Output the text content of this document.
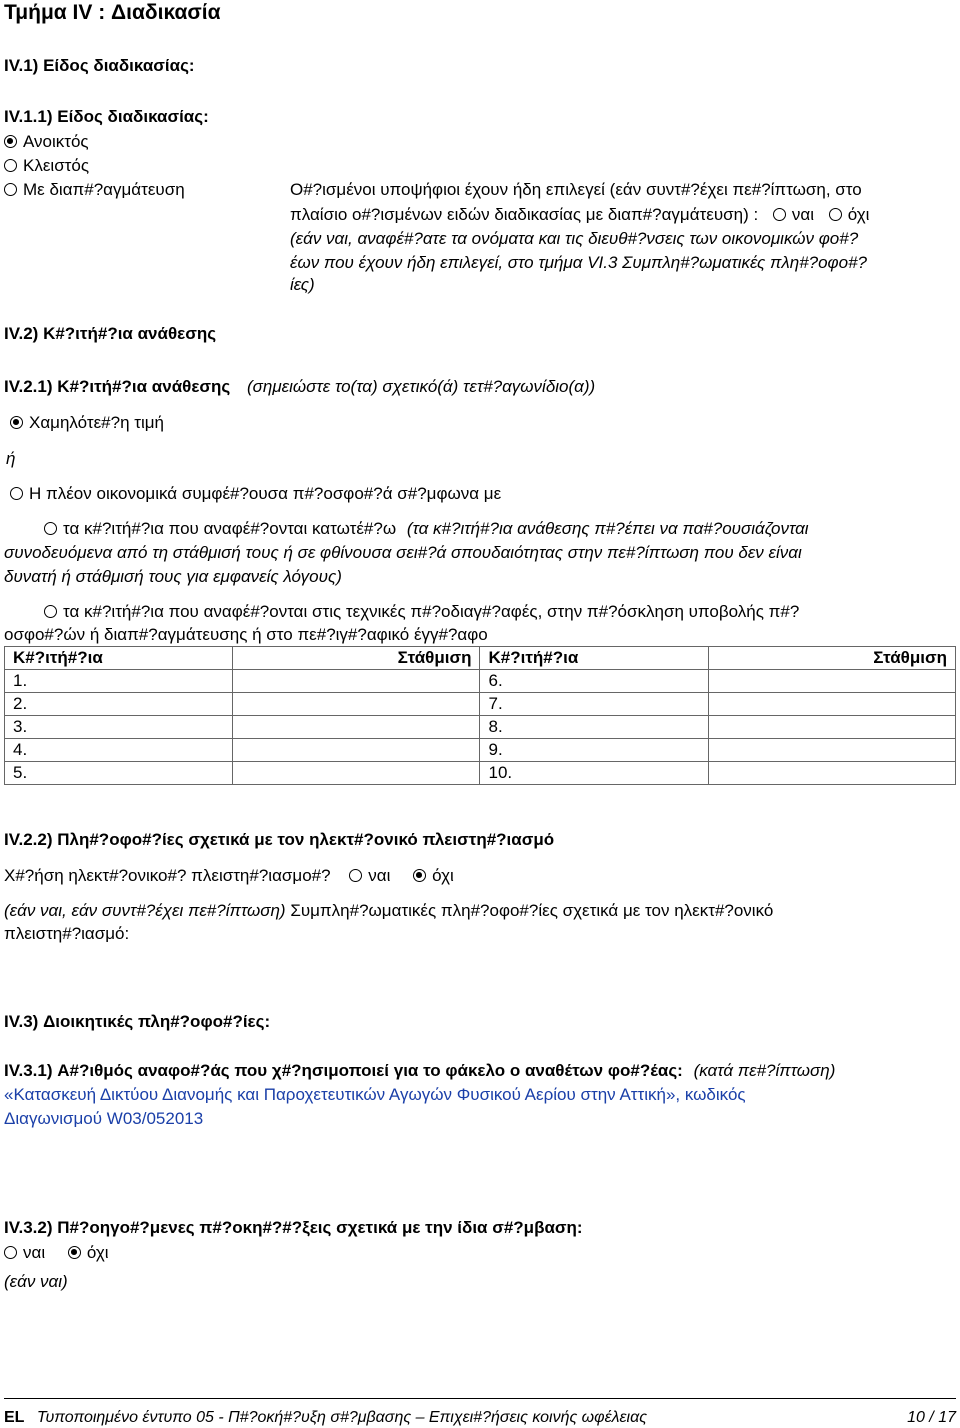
Τμήμα IV : Διαδικασία
IV.1) Είδος διαδικασίας:
IV.1.1) Είδος διαδικασίας:
Ανοικτός
Κλειστός
Με διαπ#?αγμάτευση	Ο#?ισμένοι υποψήφιοι έχουν ήδη επιλεγεί (εάν συντ#?έχει πε#?ίπτωση, στο
πλαίσιο ο#?ισμένων ειδών διαδικασίας με διαπ#?αγμάτευση) : ναι όχι
(εάν ναι, αναφέ#?ατε τα ονόματα και τις διευθ#?νσεις των οικονομικών φο#?
έων που έχουν ήδη επιλεγεί, στο τμήμα VI.3 Συμπλη#?ωματικές πλη#?οφο#?
ίες)
IV.2) Κ#?ιτή#?ια ανάθεσης
IV.2.1) Κ#?ιτή#?ια ανάθεσης (σημειώστε το(τα) σχετικό(ά) τετ#?αγωνίδιο(α))
Χαμηλότε#?η τιμή
ή
Η πλέον οικονομικά συμφέ#?ουσα π#?οσφο#?ά σ#?μφωνα με
τα κ#?ιτή#?ια που αναφέ#?ονται κατωτέ#?ω (τα κ#?ιτή#?ια ανάθεσης π#?έπει να πα#?ουσιάζονται
συνοδευόμενα από τη στάθμισή τους ή σε φθίνουσα σει#?ά σπουδαιότητας στην πε#?ίπτωση που δεν είναι
δυνατή ή στάθμισή τους για εμφανείς λόγους)
τα κ#?ιτή#?ια που αναφέ#?ονται στις τεχνικές π#?οδιαγ#?αφές, στην π#?όσκληση υποβολής π#?
οσφο#?ών ή διαπ#?αγμάτευσης ή στο πε#?ιγ#?αφικό έγγ#?αφο
Κ#?ιτή#?ια	Στάθμιση	Κ#?ιτή#?ια	Στάθμιση
1.		6.	
2.		7.	
3.		8.	
4.		9.	
5.		10.	
IV.2.2) Πλη#?οφο#?ίες σχετικά με τον ηλεκτ#?ονικό πλειστη#?ιασμό
Χ#?ήση ηλεκτ#?ονικο#? πλειστη#?ιασμο#? ναι όχι
(εάν ναι, εάν συντ#?έχει πε#?ίπτωση) Συμπλη#?ωματικές πλη#?οφο#?ίες σχετικά με τον ηλεκτ#?ονικό
πλειστη#?ιασμό:
IV.3) Διοικητικές πλη#?οφο#?ίες:
IV.3.1) Α#?ιθμός αναφο#?άς που χ#?ησιμοποιεί για το φάκελο ο αναθέτων φο#?έας: (κατά πε#?ίπτωση)
«Κατασκευή Δικτύου Διανομής και Παροχετευτικών Αγωγών Φυσικού Αερίου στην Αττική», κωδικός
Διαγωνισμού W03/052013
IV.3.2) Π#?οηγο#?μενες π#?οκη#?#?ξεις σχετικά με την ίδια σ#?μβαση:
ναι όχι
(εάν ναι)
EL Τυποποιημένο έντυπο 05 - Π#?οκή#?υξη σ#?μβασης – Επιχει#?ήσεις κοινής ωφέλειας	10 / 17
